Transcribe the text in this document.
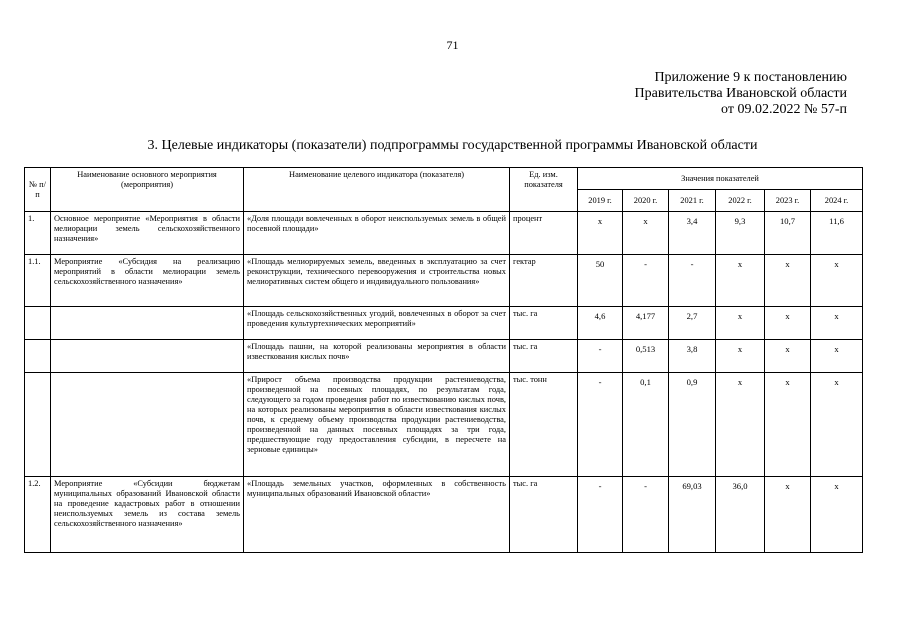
71
Приложение 9 к постановлению
Правительства Ивановской области
от 09.02.2022 № 57-п
3. Целевые индикаторы (показатели) подпрограммы государственной программы Ивановской области
№ п/п	Наименование основного мероприятия (мероприятия)	Наименование целевого индикатора (показателя)	Ед. изм. показателя	Значения показателей					
				2019 г.	2020 г.	2021 г.	2022 г.	2023 г.	2024 г.
1.	Основное мероприятие «Мероприятия в области мелиорации земель сельскохозяйственного назначения»	«Доля площади вовлеченных в оборот неиспользуемых земель в общей посевной площади»	процент	х	х	3,4	9,3	10,7	11,6
1.1.	Мероприятие «Субсидия на реализацию мероприятий в области мелиорации земель сельскохозяйственного назначения»	«Площадь мелиорируемых земель, введенных в эксплуатацию за счет реконструкции, технического перевооружения и строительства новых мелиоративных систем общего и индивидуального пользования»	гектар	50	-	-	х	х	х
		«Площадь сельскохозяйственных угодий, вовлеченных в оборот за счет проведения культуртехнических мероприятий»	тыс. га	4,6	4,177	2,7	х	х	х
		«Площадь пашни, на которой реализованы мероприятия в области известкования кислых почв»	тыс. га	-	0,513	3,8	х	х	х
		«Прирост объема производства продукции растениеводства, произведенной на посевных площадях, по результатам года, следующего за годом проведения работ по известкованию кислых почв, на которых реализованы мероприятия в области известкования кислых почв, к среднему объему производства продукции растениеводства, произведенной на данных посевных площадях за три года, предшествующие году предоставления субсидии, в пересчете на зерновые единицы»	тыс. тонн	-	0,1	0,9	х	х	х
1.2.	Мероприятие «Субсидии бюджетам муниципальных образований Ивановской области на проведение кадастровых работ в отношении неиспользуемых земель из состава земель сельскохозяйственного назначения»	«Площадь земельных участков, оформленных в собственность муниципальных образований Ивановской области»	тыс. га	-	-	69,03	36,0	х	х
